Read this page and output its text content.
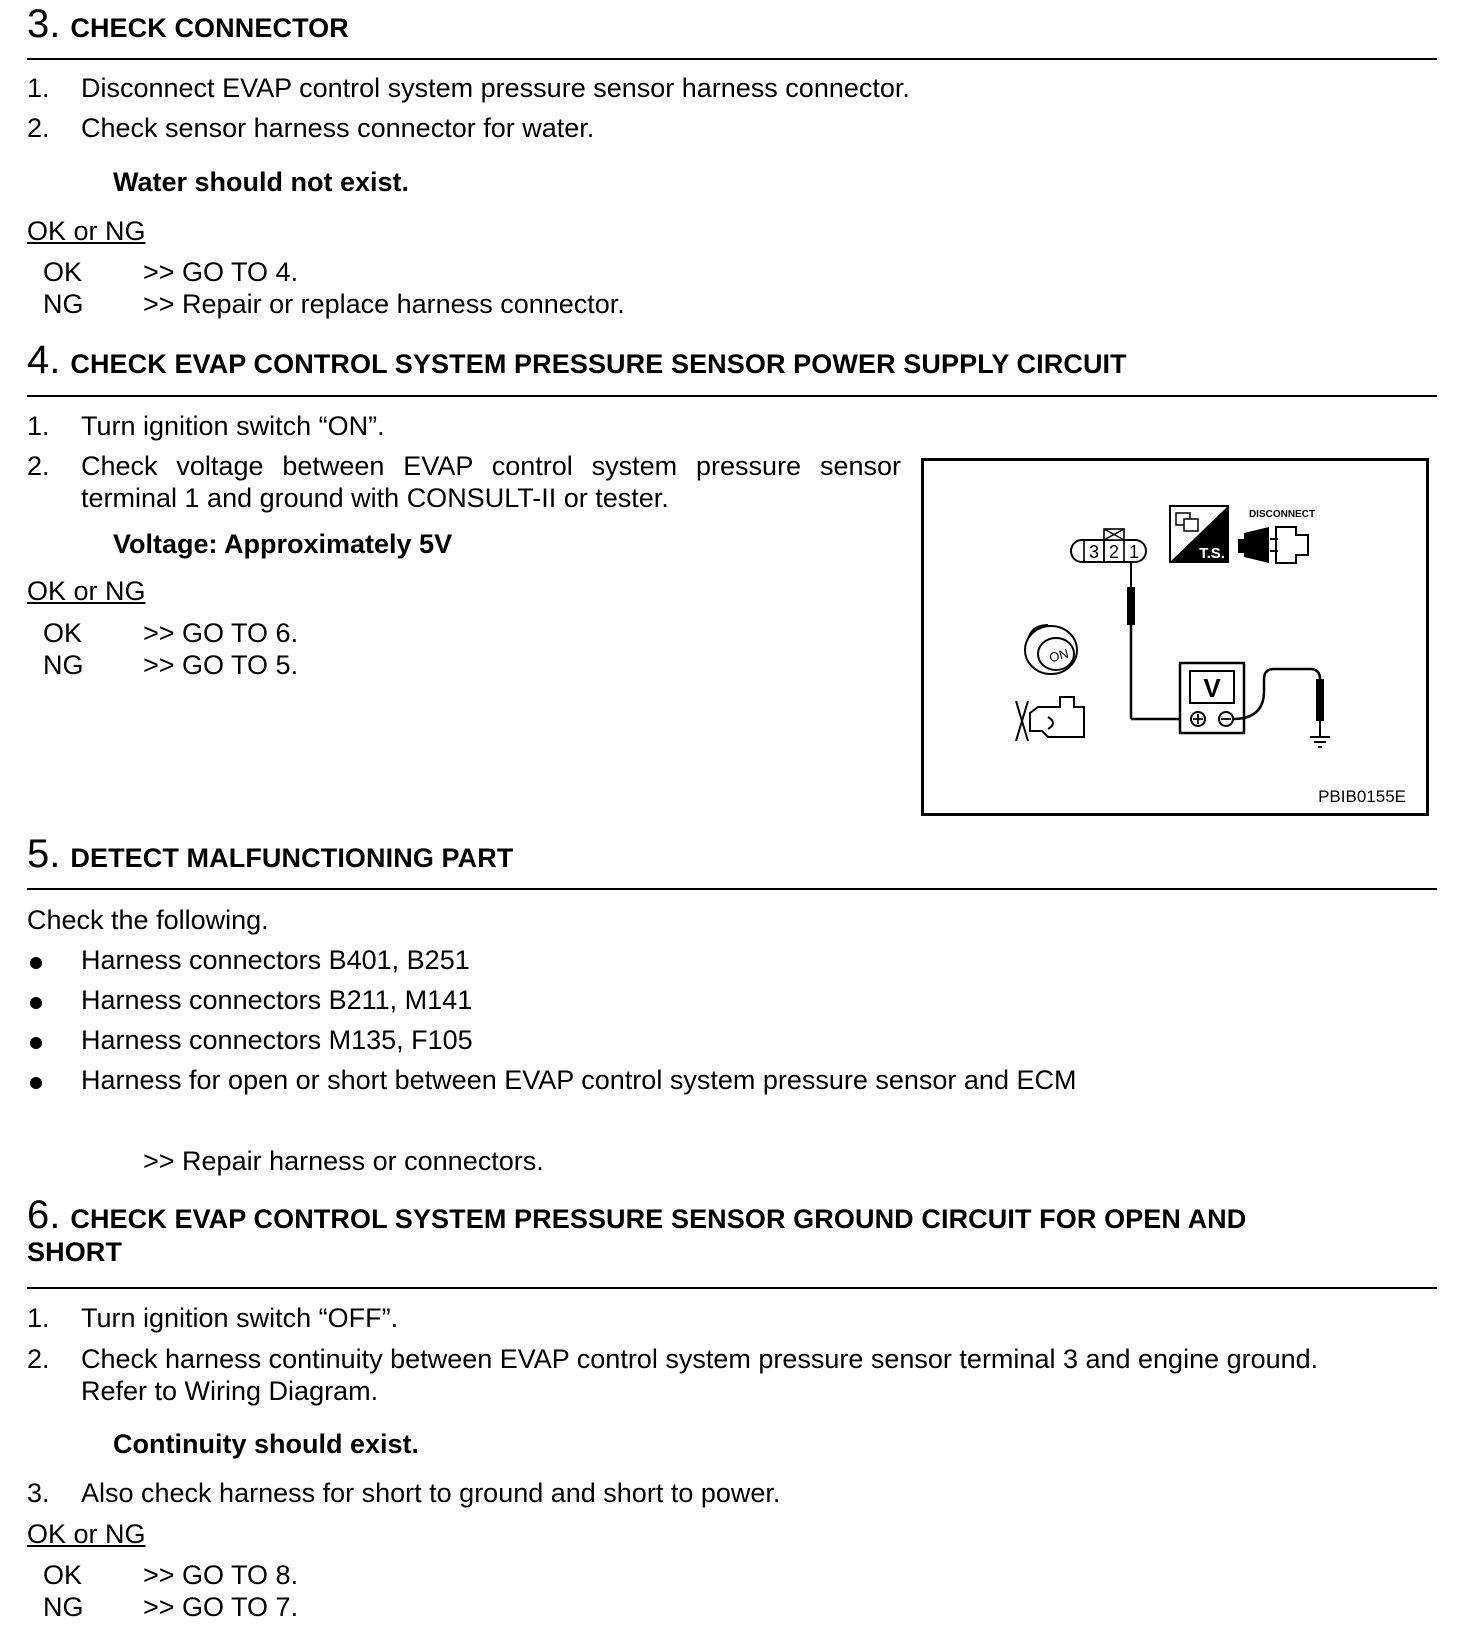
3. CHECK CONNECTOR
1. Disconnect EVAP control system pressure sensor harness connector.
2. Check sensor harness connector for water.
Water should not exist.
OK or NG
OK >> GO TO 4.
NG >> Repair or replace harness connector.
4. CHECK EVAP CONTROL SYSTEM PRESSURE SENSOR POWER SUPPLY CIRCUIT
1. Turn ignition switch “ON”.
2. Check voltage between EVAP control system pressure sensor
terminal 1 and ground with CONSULT-II or tester.
Voltage: Approximately 5V
OK or NG
OK >> GO TO 6.
NG >> GO TO 5.
3 2 1
V
T.S.
DISCONNECT
ON
PBIB0155E
5. DETECT MALFUNCTIONING PART
Check the following.
Harness connectors B401, B251
Harness connectors B211, M141
Harness connectors M135, F105
Harness for open or short between EVAP control system pressure sensor and ECM
>> Repair harness or connectors.
6. CHECK EVAP CONTROL SYSTEM PRESSURE SENSOR GROUND CIRCUIT FOR OPEN AND
SHORT
1. Turn ignition switch “OFF”.
2. Check harness continuity between EVAP control system pressure sensor terminal 3 and engine ground.
Refer to Wiring Diagram.
Continuity should exist.
3. Also check harness for short to ground and short to power.
OK or NG
OK >> GO TO 8.
NG >> GO TO 7.
